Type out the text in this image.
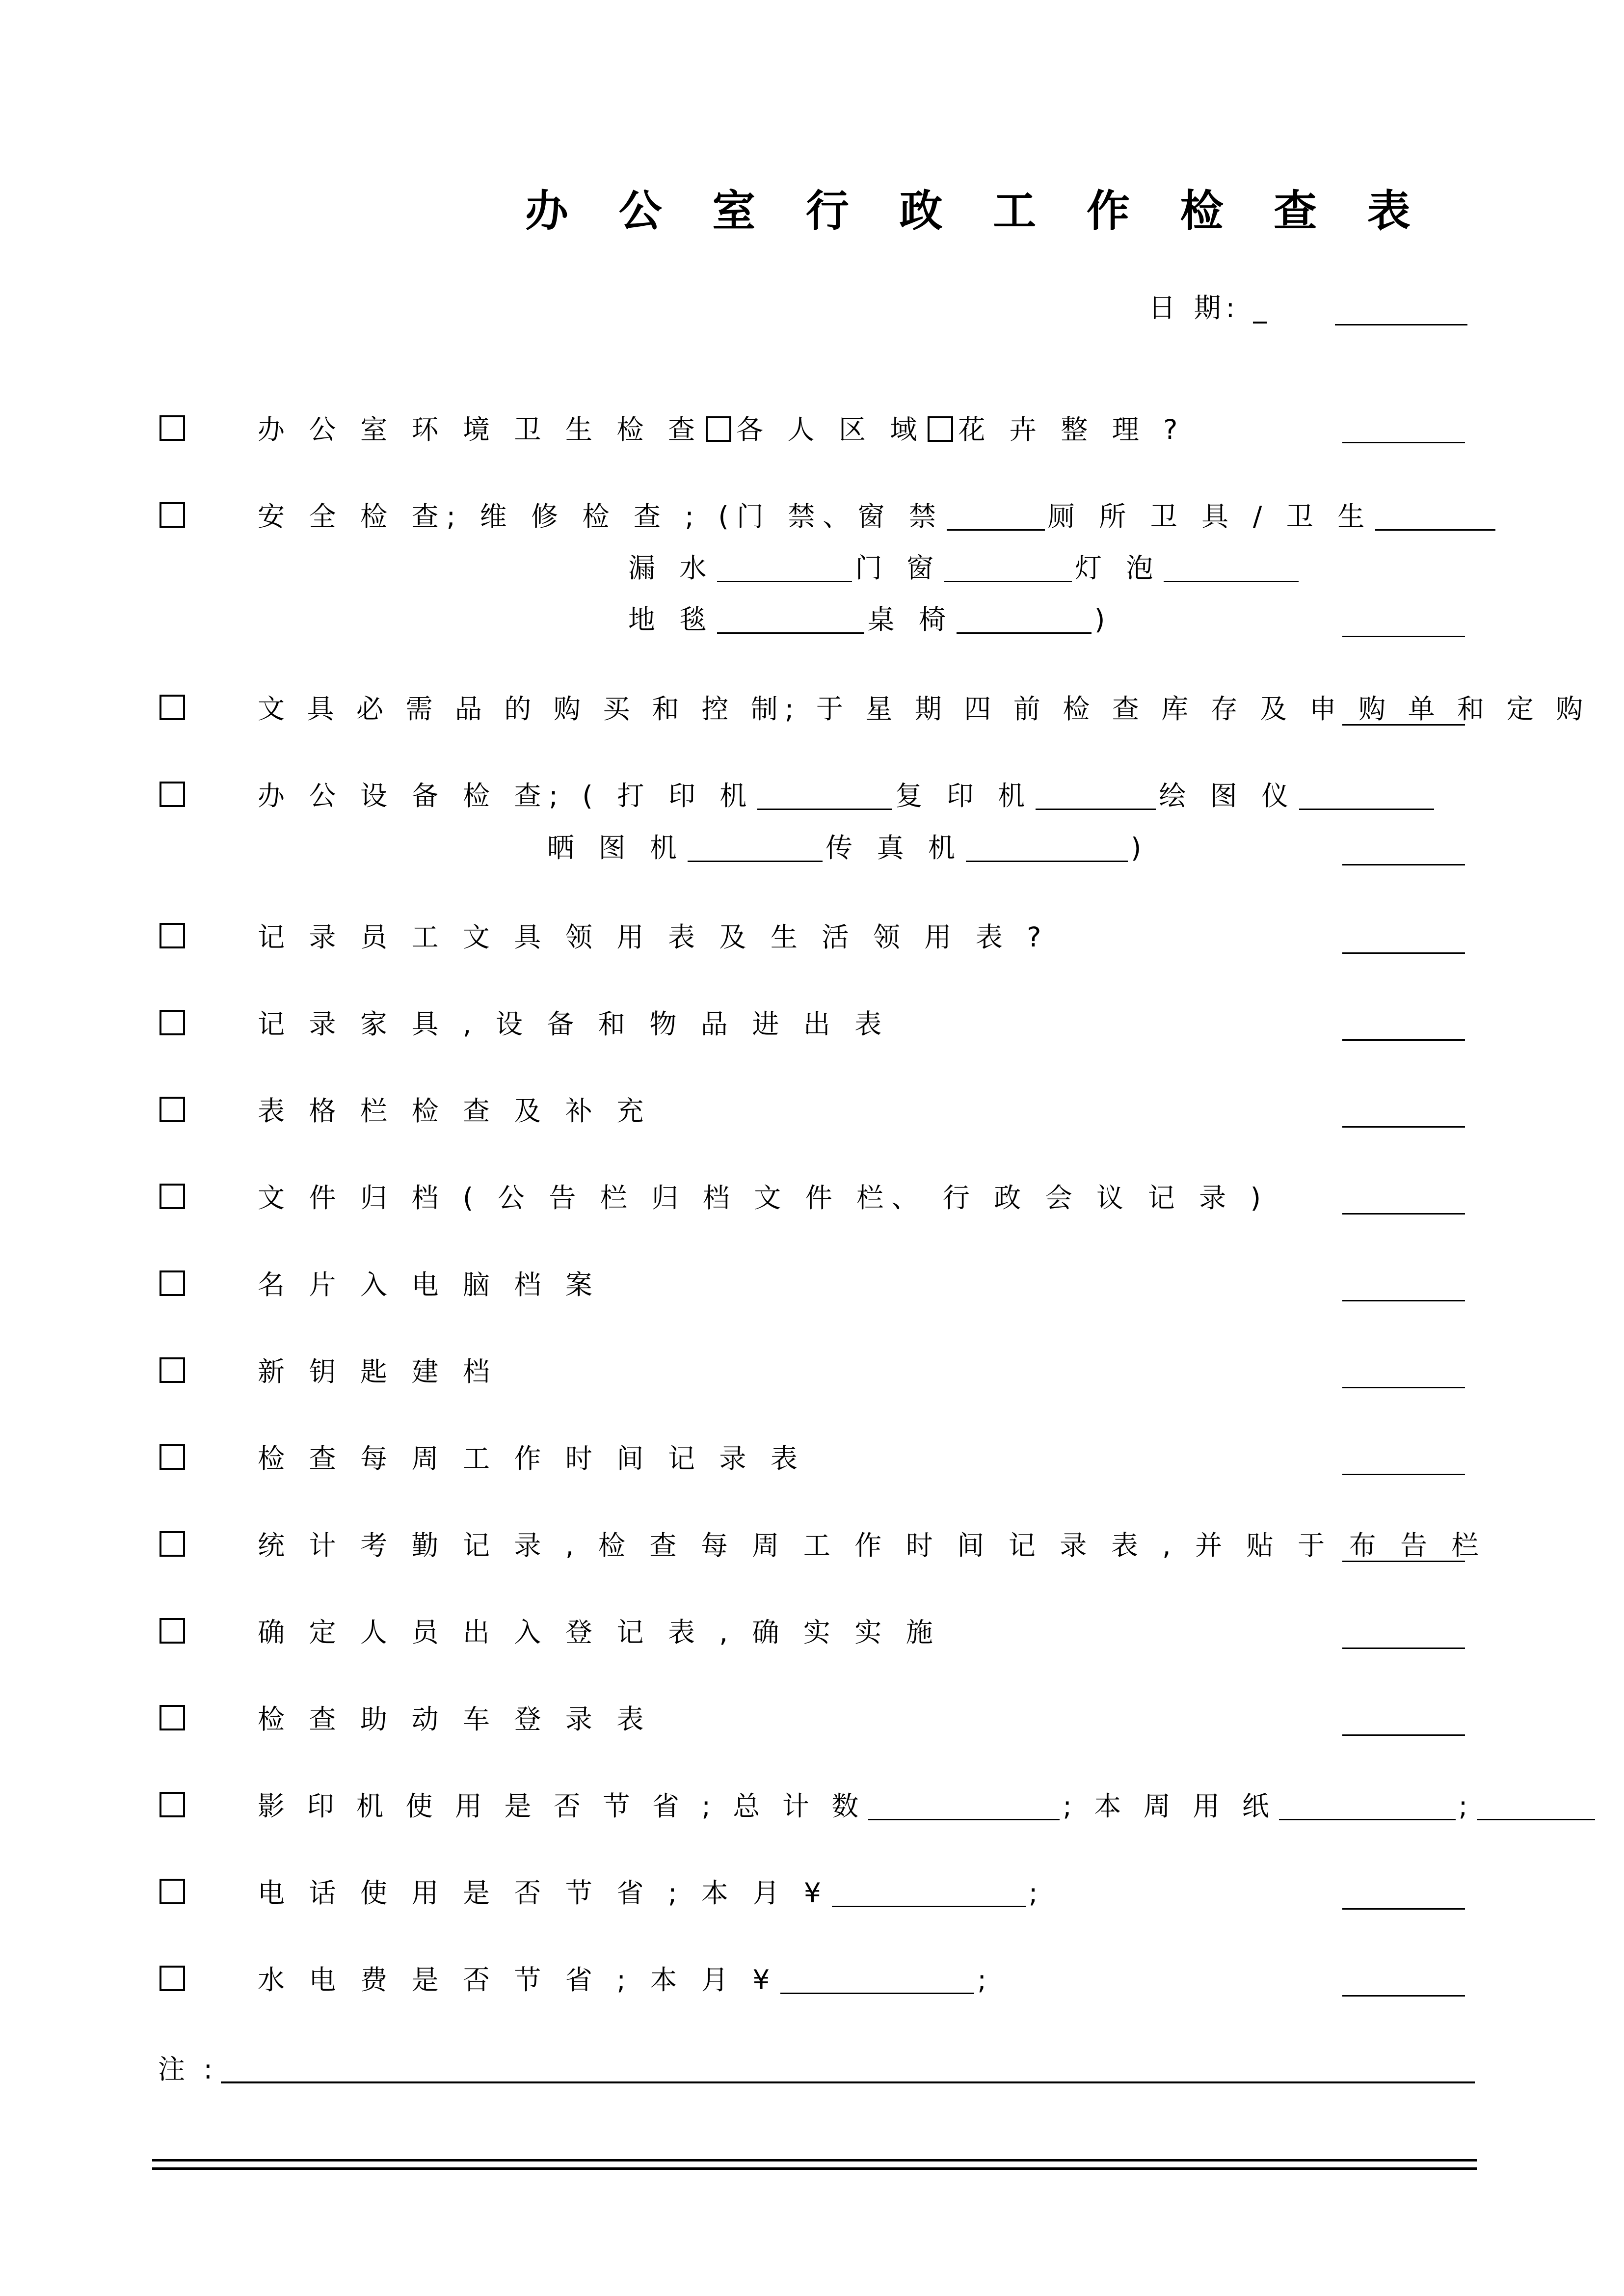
办 公 室 行 政 工 作 检 查 表
日 期: _
办 公 室 环 境 卫 生 检 查 各 人 区 域 花 卉 整 理 ?
安 全 检 查; 维 修 检 查 ; (门 禁、窗 禁	厕 所 卫 具 / 卫 生
漏 水	门 窗	灯 泡
地 毯	桌 椅	)
文 具 必 需 品 的 购 买 和 控 制; 于 星 期 四 前 检 查 库 存 及 申 购 单 和 定 购
办 公 设 备 检 查; ( 打 印 机	复 印 机	绘 图 仪
晒 图 机	传 真 机	)
记 录 员 工 文 具 领 用 表 及 生 活 领 用 表 ?
记 录 家 具 , 设 备 和 物 品 进 出 表
表 格 栏 检 查 及 补 充
文 件 归 档 ( 公 告 栏 归 档 文 件 栏、 行 政 会 议 记 录 )
名 片 入 电 脑 档 案
新 钥 匙 建 档
检 查 每 周 工 作 时 间 记 录 表
统 计 考 勤 记 录 , 检 查 每 周 工 作 时 间 记 录 表 , 并 贴 于 布 告 栏
确 定 人 员 出 入 登 记 表 , 确 实 实 施
检 查 助 动 车 登 录 表
影 印 机 使 用 是 否 节 省 ; 总 计 数	; 本 周 用 纸	;
电 话 使 用 是 否 节 省 ; 本 月 ¥	;
水 电 费 是 否 节 省 ; 本 月 ¥	;
注 :
